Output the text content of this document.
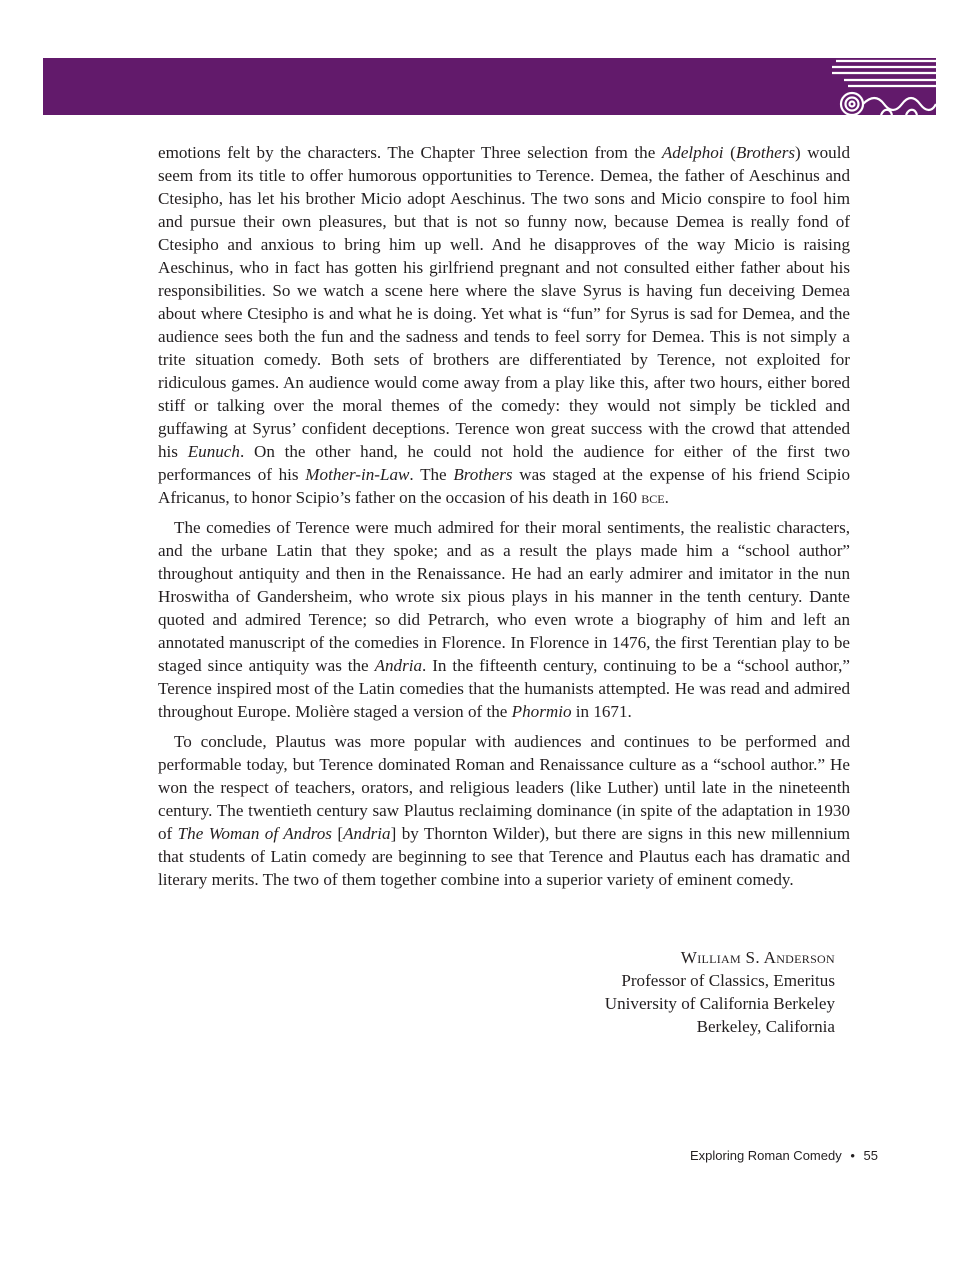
emotions felt by the characters. The Chapter Three selection from the Adelphoi (Brothers) would seem from its title to offer humorous opportunities to Terence. Demea, the father of Aeschinus and Ctesipho, has let his brother Micio adopt Aeschinus. The two sons and Micio conspire to fool him and pursue their own pleasures, but that is not so funny now, because Demea is really fond of Ctesipho and anxious to bring him up well. And he disapproves of the way Micio is raising Aeschinus, who in fact has gotten his girlfriend pregnant and not consulted either father about his responsibilities. So we watch a scene here where the slave Syrus is having fun deceiving Demea about where Ctesipho is and what he is doing. Yet what is “fun” for Syrus is sad for Demea, and the audience sees both the fun and the sadness and tends to feel sorry for Demea. This is not simply a trite situation comedy. Both sets of brothers are differentiated by Terence, not exploited for ridiculous games. An audience would come away from a play like this, after two hours, either bored stiff or talking over the moral themes of the comedy: they would not simply be tickled and guffawing at Syrus’ confident deceptions. Terence won great success with the crowd that attended his Eunuch. On the other hand, he could not hold the audience for either of the first two performances of his Mother-in-Law. The Brothers was staged at the expense of his friend Scipio Africanus, to honor Scipio’s father on the occasion of his death in 160 bce.

The comedies of Terence were much admired for their moral sentiments, the realistic characters, and the urbane Latin that they spoke; and as a result the plays made him a “school author” throughout antiquity and then in the Renaissance. He had an early admirer and imitator in the nun Hroswitha of Gandersheim, who wrote six pious plays in his manner in the tenth century. Dante quoted and admired Terence; so did Petrarch, who even wrote a biography of him and left an annotated manuscript of the comedies in Florence. In Florence in 1476, the first Terentian play to be staged since antiquity was the Andria. In the fifteenth century, continuing to be a “school author,” Terence inspired most of the Latin comedies that the humanists attempted. He was read and admired throughout Europe. Molière staged a version of the Phormio in 1671.

To conclude, Plautus was more popular with audiences and continues to be performed and performable today, but Terence dominated Roman and Renaissance culture as a “school author.” He won the respect of teachers, orators, and religious leaders (like Luther) until late in the nineteenth century. The twentieth century saw Plautus reclaiming dominance (in spite of the adaptation in 1930 of The Woman of Andros [Andria] by Thornton Wilder), but there are signs in this new millennium that students of Latin comedy are beginning to see that Terence and Plautus each has dramatic and literary merits. The two of them together combine into a superior variety of eminent comedy.

William S. Anderson
Professor of Classics, Emeritus
University of California Berkeley
Berkeley, California
Exploring Roman Comedy • 55
